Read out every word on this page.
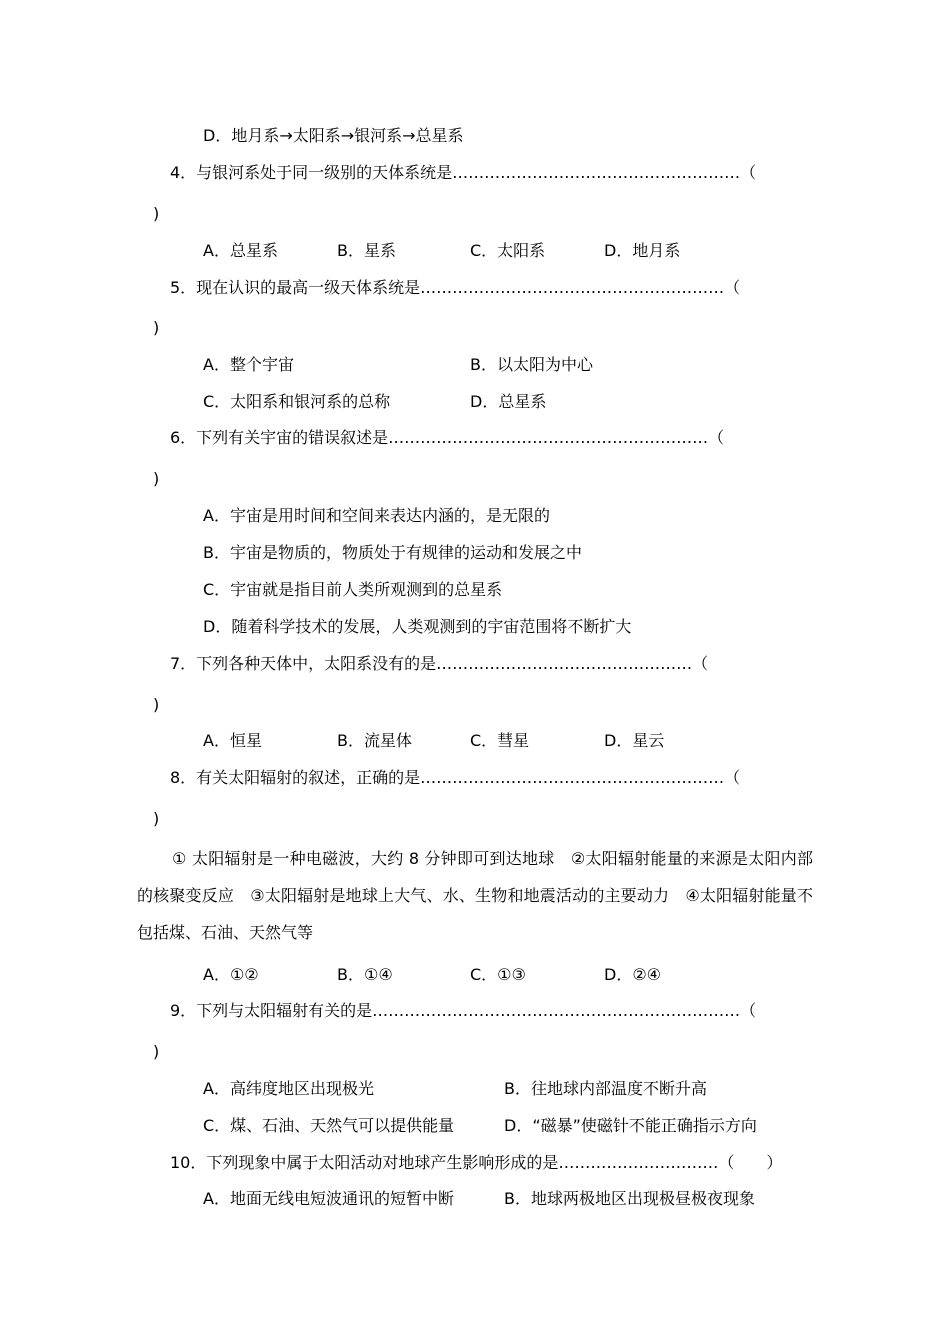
D．地月系→太阳系→银河系→总星系
4．与银河系处于同一级别的天体系统是………………………………………………（
)
A．总星系	B．星系	C．太阳系	D．地月系
5．现在认识的最高一级天体系统是…………………………………………………（
)
A．整个宇宙	B．以太阳为中心
C．太阳系和银河系的总称	D．总星系
6．下列有关宇宙的错误叙述是……………………………………………………（
)
A．宇宙是用时间和空间来表达内涵的，是无限的
B．宇宙是物质的，物质处于有规律的运动和发展之中
C．宇宙就是指目前人类所观测到的总星系
D．随着科学技术的发展，人类观测到的宇宙范围将不断扩大
7．下列各种天体中，太阳系没有的是…………………………………………（
)
A．恒星	B．流星体	C．彗星	D．星云
8．有关太阳辐射的叙述，正确的是…………………………………………………（
)
① 太阳辐射是一种电磁波，大约 8 分钟即可到达地球　②太阳辐射能量的来源是太阳内部的核聚变反应　③太阳辐射是地球上大气、水、生物和地震活动的主要动力　④太阳辐射能量不包括煤、石油、天然气等
A．①②	B．①④	C．①③	D．②④
9．下列与太阳辐射有关的是……………………………………………………………（
)
A．高纬度地区出现极光	B．往地球内部温度不断升高
C．煤、石油、天然气可以提供能量	D．“磁暴”使磁针不能正确指示方向
10．下列现象中属于太阳活动对地球产生影响形成的是…………………………（　　）
A．地面无线电短波通讯的短暂中断	B．地球两极地区出现极昼极夜现象
